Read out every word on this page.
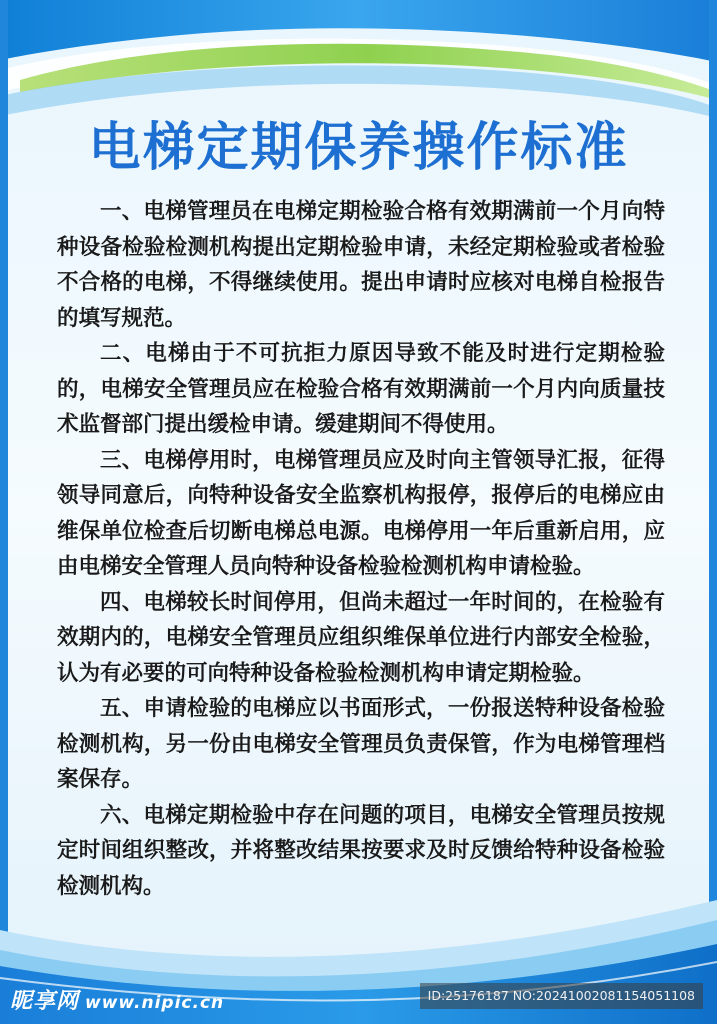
电梯定期保养操作标准

一、电梯管理员在电梯定期检验合格有效期满前一个月向特种设备检验检测机构提出定期检验申请，未经定期检验或者检验不合格的电梯，不得继续使用。提出申请时应核对电梯自检报告的填写规范。

二、电梯由于不可抗拒力原因导致不能及时进行定期检验的，电梯安全管理员应在检验合格有效期满前一个月内向质量技术监督部门提出缓检申请。缓建期间不得使用。

三、电梯停用时，电梯管理员应及时向主管领导汇报，征得领导同意后，向特种设备安全监察机构报停，报停后的电梯应由维保单位检查后切断电梯总电源。电梯停用一年后重新启用，应由电梯安全管理人员向特种设备检验检测机构申请检验。

四、电梯较长时间停用，但尚未超过一年时间的，在检验有效期内的，电梯安全管理员应组织维保单位进行内部安全检验，认为有必要的可向特种设备检验检测机构申请定期检验。

五、申请检验的电梯应以书面形式，一份报送特种设备检验检测机构，另一份由电梯安全管理员负责保管，作为电梯管理档案保存。

六、电梯定期检验中存在问题的项目，电梯安全管理员按规定时间组织整改，并将整改结果按要求及时反馈给特种设备检验检测机构。

昵享网 www.nipic.cn	ID:25176187 NO:20241002081154051108
